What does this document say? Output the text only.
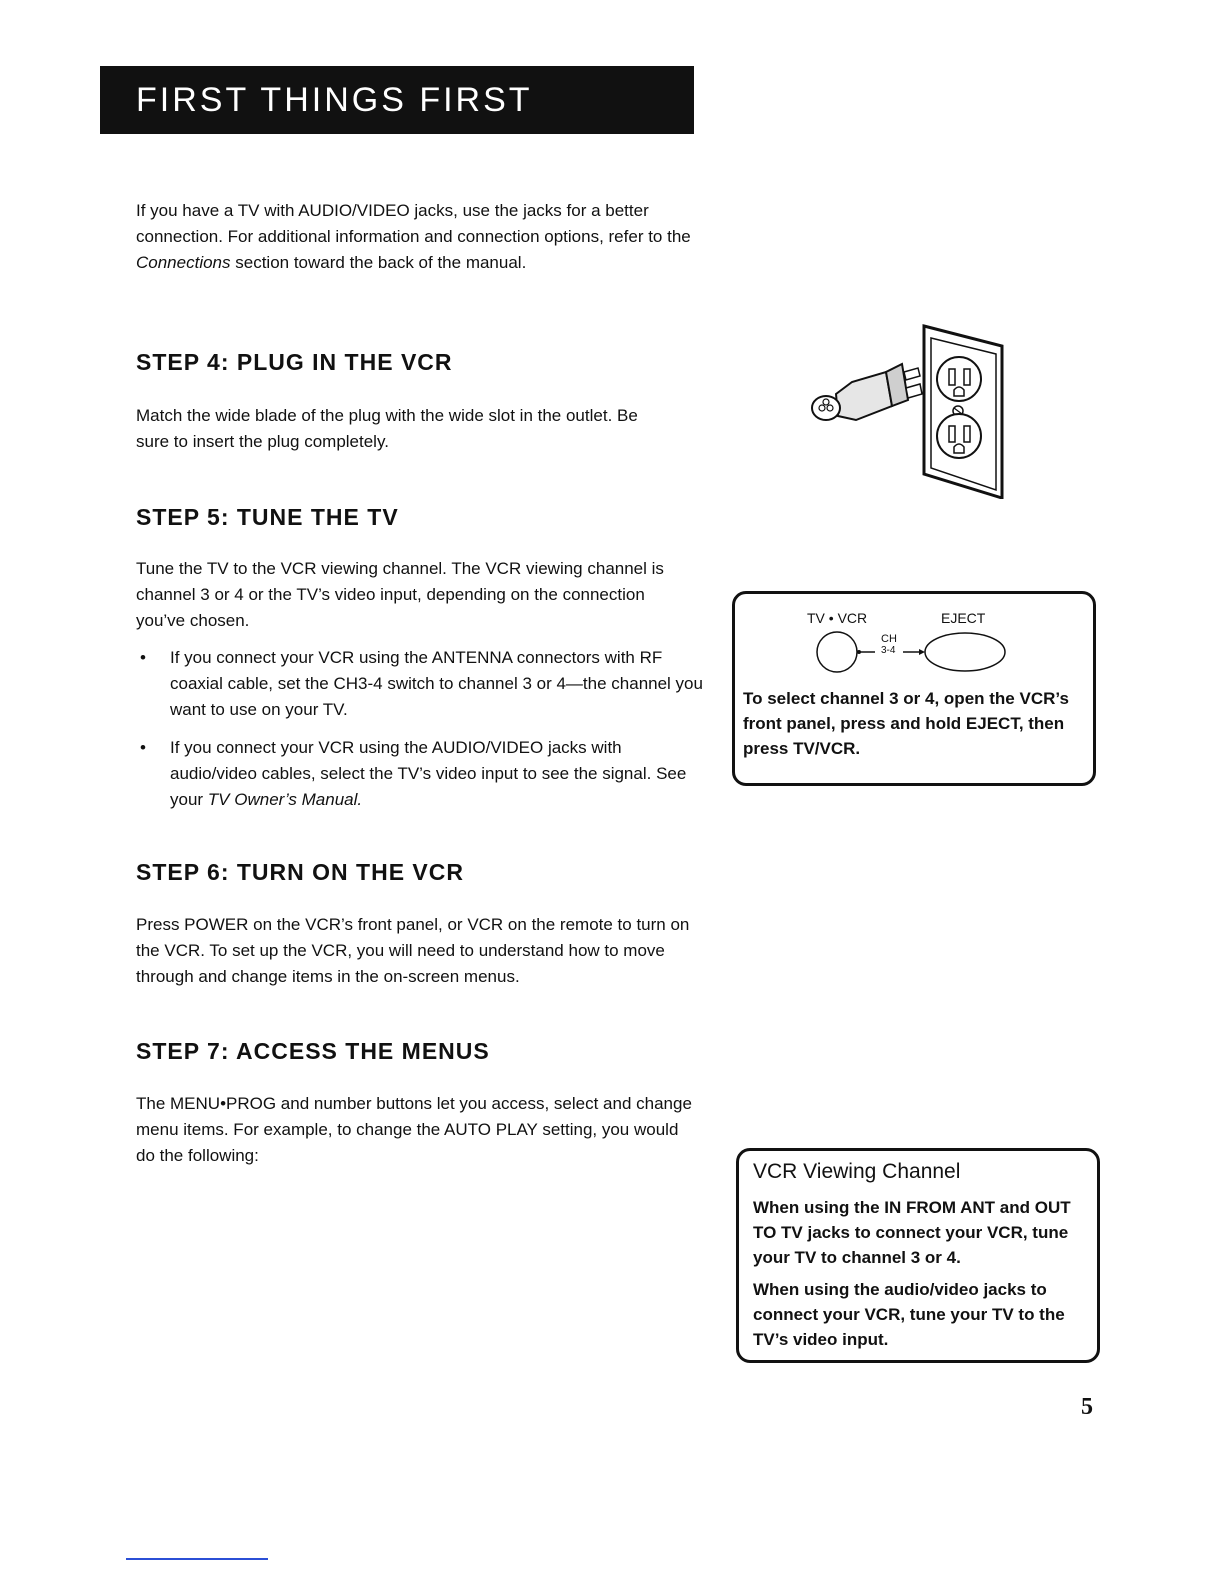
FIRST THINGS FIRST

If you have a TV with AUDIO/VIDEO jacks, use the jacks for a better connection. For additional information and connection options, refer to the Connections section toward the back of the manual.

STEP 4: PLUG IN THE VCR

Match the wide blade of the plug with the wide slot in the outlet. Be sure to insert the plug completely.

STEP 5: TUNE THE TV

Tune the TV to the VCR viewing channel. The VCR viewing channel is channel 3 or 4 or the TV’s video input, depending on the connection you’ve chosen.

• If you connect your VCR using the ANTENNA connectors with RF coaxial cable, set the CH3-4 switch to channel 3 or 4—the channel you want to use on your TV.
• If you connect your VCR using the AUDIO/VIDEO jacks with audio/video cables, select the TV’s video input to see the signal. See your TV Owner’s Manual.
STEP 6: TURN ON THE VCR

Press POWER on the VCR’s front panel, or VCR on the remote to turn on the VCR. To set up the VCR, you will need to understand how to move through and change items in the on-screen menus.

STEP 7: ACCESS THE MENUS

The MENU•PROG and number buttons let you access, select and change menu items. For example, to change the AUTO PLAY setting, you would do the following:

TV • VCR	EJECT
CH
3-4

To select channel 3 or 4, open the VCR’s front panel, press and hold EJECT, then press TV/VCR.

VCR Viewing Channel

When using the IN FROM ANT and OUT TO TV jacks to connect your VCR, tune your TV to channel 3 or 4.

When using the audio/video jacks to connect your VCR, tune your TV to the TV’s video input.

5
